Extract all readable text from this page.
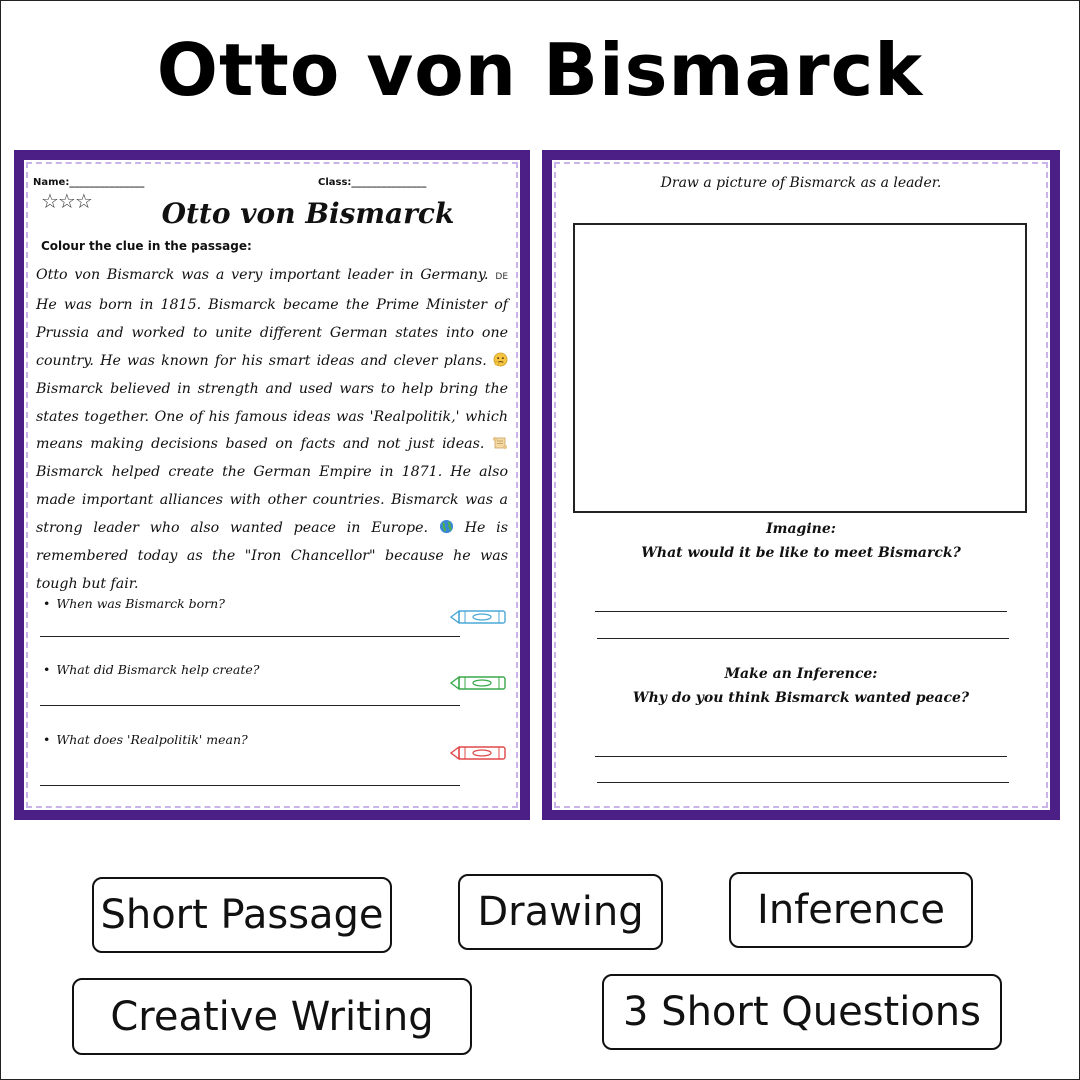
Otto von Bismarck
Name:_______________	Class:_______________
☆☆☆	Otto von Bismarck
Colour the clue in the passage:
Otto von Bismarck was a very important leader in Germany. DE He was born in 1815. Bismarck became the Prime Minister of Prussia and worked to unite different German states into one country. He was known for his smart ideas and clever plans.  Bismarck believed in strength and used wars to help bring the states together. One of his famous ideas was 'Realpolitik,' which means making decisions based on facts and not just ideas.  Bismarck helped create the German Empire in 1871. He also made important alliances with other countries. Bismarck was a strong leader who also wanted peace in Europe.	He is remembered today as the "Iron Chancellor" because he was tough but fair.
• When was Bismarck born?
• What did Bismarck help create?
• What does 'Realpolitik' mean?
Draw a picture of Bismarck as a leader.
Imagine:
What would it be like to meet Bismarck?
Make an Inference:
Why do you think Bismarck wanted peace?
Short Passage	Drawing	Inference
Creative Writing	3 Short Questions
